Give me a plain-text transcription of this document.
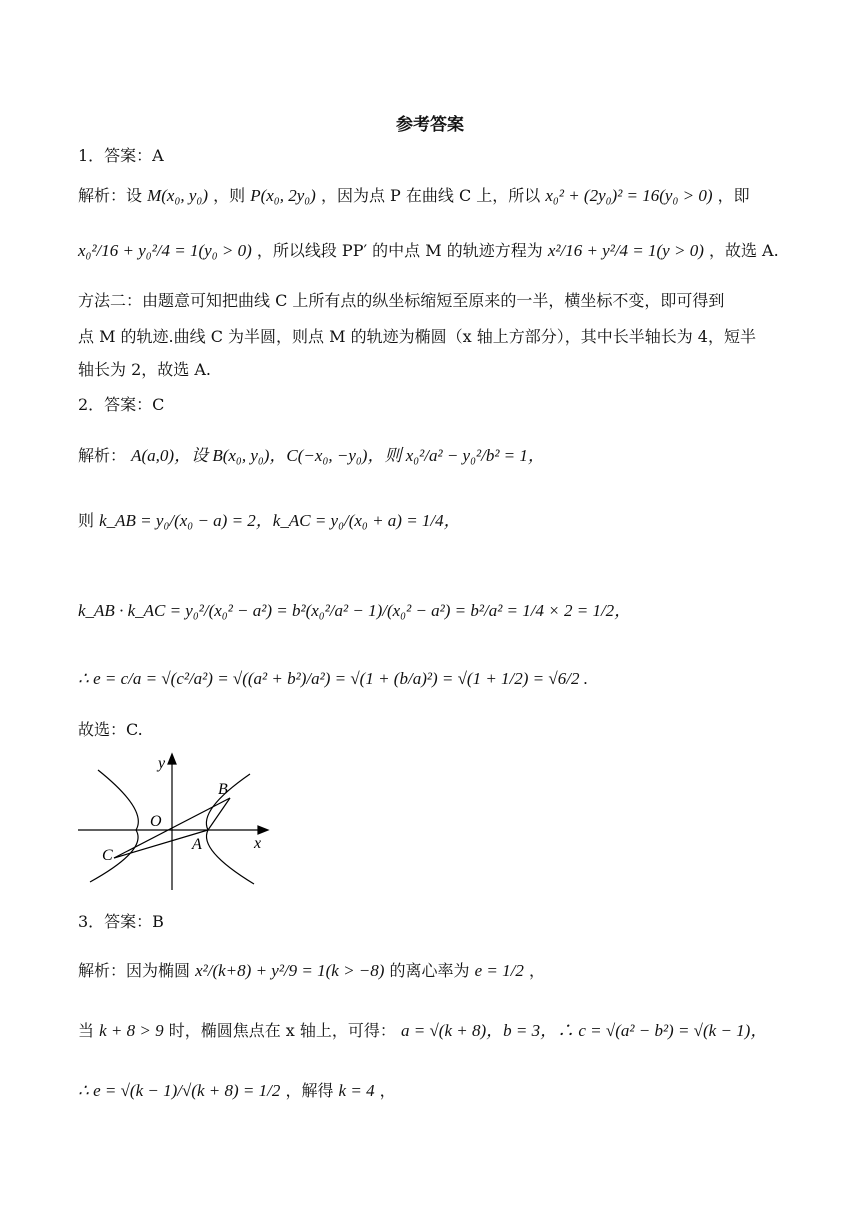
参考答案
1．答案：A
解析：设 M(x₀, y₀) ，则 P(x₀, 2y₀) ，因为点 P 在曲线 C 上，所以 x₀² + (2y₀)² = 16(y₀ > 0) ，即
x₀²/16 + y₀²/4 = 1(y₀ > 0) ，所以线段 PP′ 的中点 M 的轨迹方程为 x²/16 + y²/4 = 1(y > 0) ，故选 A.
方法二：由题意可知把曲线 C 上所有点的纵坐标缩短至原来的一半，横坐标不变，即可得到
点 M 的轨迹.曲线 C 为半圆，则点 M 的轨迹为椭圆（x 轴上方部分），其中长半轴长为 4，短半
轴长为 2，故选 A.
2．答案：C
解析： A(a,0)，设 B(x₀, y₀)，C(−x₀, −y₀)，则 x₀²/a² − y₀²/b² = 1，
则 k_AB = y₀/(x₀ − a) = 2，k_AC = y₀/(x₀ + a) = 1/4，
k_AB · k_AC = y₀²/(x₀² − a²) = b²(x₀²/a² − 1)/(x₀² − a²) = b²/a² = 1/4 × 2 = 1/2，
∴ e = c/a = √(c²/a²) = √((a² + b²)/a²) = √(1 + (b/a)²) = √(1 + 1/2) = √6/2 .
故选：C.
y
x
O
A
B
C
3．答案：B
解析：因为椭圆 x²/(k+8) + y²/9 = 1(k > −8) 的离心率为 e = 1/2 ，
当 k + 8 > 9 时，椭圆焦点在 x 轴上，可得： a = √(k + 8)，b = 3，∴ c = √(a² − b²) = √(k − 1)，
∴ e = √(k − 1)/√(k + 8) = 1/2 ，解得 k = 4 ，
